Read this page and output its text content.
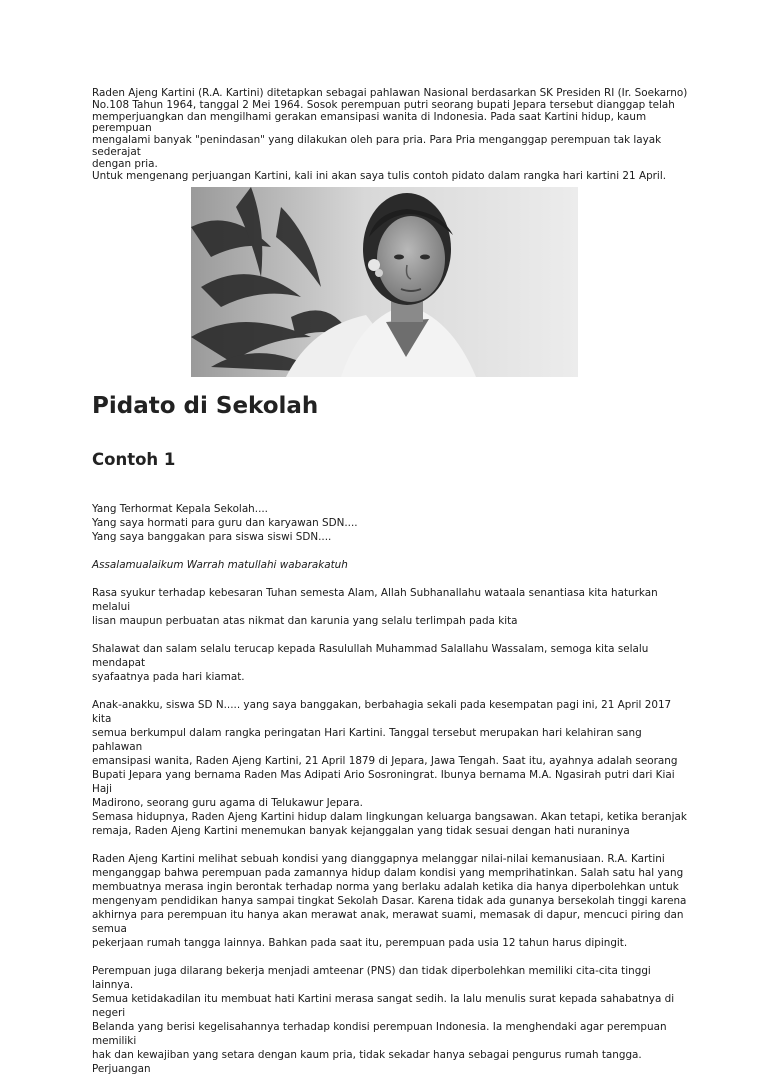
Raden Ajeng Kartini (R.A. Kartini) ditetapkan sebagai pahlawan Nasional berdasarkan SK Presiden RI (Ir. Soekarno)
No.108 Tahun 1964, tanggal 2 Mei 1964. Sosok perempuan putri seorang bupati Jepara tersebut dianggap telah
memperjuangkan dan mengilhami gerakan emansipasi wanita di Indonesia. Pada saat Kartini hidup, kaum perempuan
mengalami banyak "penindasan" yang dilakukan oleh para pria. Para Pria menganggap perempuan tak layak sederajat
dengan pria.
Untuk mengenang perjuangan Kartini, kali ini akan saya tulis contoh pidato dalam rangka hari kartini 21 April.

Pidato di Sekolah
Contoh 1

Yang Terhormat Kepala Sekolah....
Yang saya hormati para guru dan karyawan SDN....
Yang saya banggakan para siswa siswi SDN....

Assalamualaikum Warrah matullahi wabarakatuh

Rasa syukur terhadap kebesaran Tuhan semesta Alam, Allah Subhanallahu wataala senantiasa kita haturkan melalui
lisan maupun perbuatan atas nikmat dan karunia yang selalu terlimpah pada kita

Shalawat dan salam selalu terucap kepada Rasulullah Muhammad Salallahu Wassalam, semoga kita selalu mendapat
syafaatnya pada hari kiamat.

Anak-anakku, siswa SD N..... yang saya banggakan, berbahagia sekali pada kesempatan pagi ini, 21 April 2017 kita
semua berkumpul dalam rangka peringatan Hari Kartini. Tanggal tersebut merupakan hari kelahiran sang pahlawan
emansipasi wanita, Raden Ajeng Kartini, 21 April 1879 di Jepara, Jawa Tengah. Saat itu, ayahnya adalah seorang
Bupati Jepara yang bernama Raden Mas Adipati Ario Sosroningrat. Ibunya bernama M.A. Ngasirah putri dari Kiai Haji
Madirono, seorang guru agama di Telukawur Jepara.
Semasa hidupnya, Raden Ajeng Kartini hidup dalam lingkungan keluarga bangsawan. Akan tetapi, ketika beranjak
remaja, Raden Ajeng Kartini menemukan banyak kejanggalan yang tidak sesuai dengan hati nuraninya

Raden Ajeng Kartini melihat sebuah kondisi yang dianggapnya melanggar nilai-nilai kemanusiaan. R.A. Kartini
menganggap bahwa perempuan pada zamannya hidup dalam kondisi yang memprihatinkan. Salah satu hal yang
membuatnya merasa ingin berontak terhadap norma yang berlaku adalah ketika dia hanya diperbolehkan untuk
mengenyam pendidikan hanya sampai tingkat Sekolah Dasar. Karena tidak ada gunanya bersekolah tinggi karena
akhirnya para perempuan itu hanya akan merawat anak, merawat suami, memasak di dapur, mencuci piring dan semua
pekerjaan rumah tangga lainnya. Bahkan pada saat itu, perempuan pada usia 12 tahun harus dipingit.

Perempuan juga dilarang bekerja menjadi amteenar (PNS) dan tidak diperbolehkan memiliki cita-cita tinggi lainnya.
Semua ketidakadilan itu membuat hati Kartini merasa sangat sedih. Ia lalu menulis surat kepada sahabatnya di negeri
Belanda yang berisi kegelisahannya terhadap kondisi perempuan Indonesia. Ia menghendaki agar perempuan memiliki
hak dan kewajiban yang setara dengan kaum pria, tidak sekadar hanya sebagai pengurus rumah tangga. Perjuangan
